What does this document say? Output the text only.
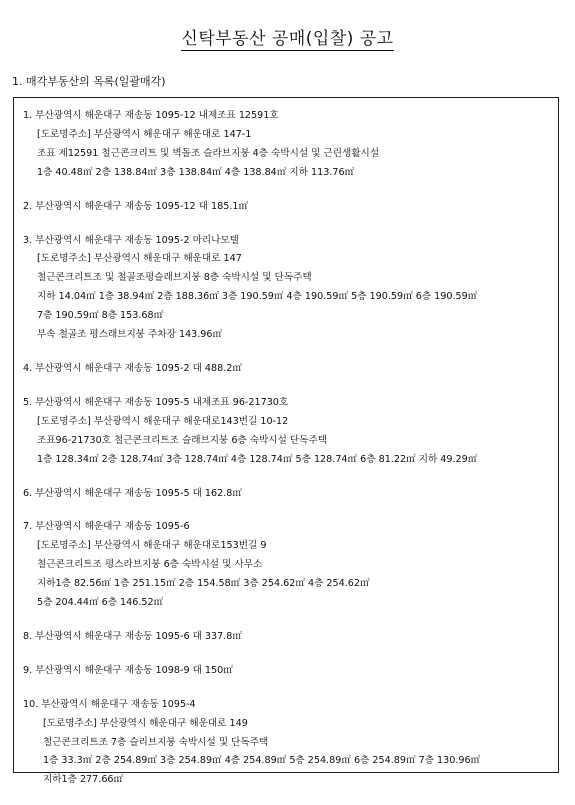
신탁부동산 공매(입찰) 공고
1. 매각부동산의 목록(일괄매각)
1. 부산광역시 해운대구 재송동 1095-12 내제조표 12591호
[도로명주소] 부산광역시 해운대구 해운대로 147-1
조표 제12591 철근콘크리트 및 벽돌조 슬라브지붕 4층 숙박시설 및 근린생활시설
1층 40.48㎡ 2층 138.84㎡ 3층 138.84㎡ 4층 138.84㎡ 지하 113.76㎡
2. 부산광역시 해운대구 재송동 1095-12 대 185.1㎡
3. 부산광역시 해운대구 재송동 1095-2 마리나모텔
[도로명주소] 부산광역시 해운대구 해운대로 147
철근콘크리트조 및 철골조평슬래브지붕 8층 숙박시설 및 단독주택
지하 14.04㎡ 1층 38.94㎡ 2층 188.36㎡ 3층 190.59㎡ 4층 190.59㎡ 5층 190.59㎡ 6층 190.59㎡
7층 190.59㎡ 8층 153.68㎡
부속 철골조 평스래브지붕 주차장 143.96㎡
4. 부산광역시 해운대구 재송동 1095-2 대 488.2㎡
5. 부산광역시 해운대구 재송동 1095-5 내제조표 96-21730호
[도로명주소] 부산광역시 해운대구 해운대로143번길 10-12
조표96-21730호 철근콘크리트조 슬래브지붕 6층 숙박시설 단독주택
1층 128.34㎡ 2층 128.74㎡ 3층 128.74㎡ 4층 128.74㎡ 5층 128.74㎡ 6층 81.22㎡ 지하 49.29㎡
6. 부산광역시 해운대구 재송동 1095-5 대 162.8㎡
7. 부산광역시 해운대구 재송동 1095-6
[도로명주소] 부산광역시 해운대구 해운대로153번길 9
철근콘크리트조 평스라브지붕 6층 숙박시설 및 사무소
지하1층 82.56㎡ 1층 251.15㎡ 2층 154.58㎡ 3층 254.62㎡ 4층 254.62㎡
5층 204.44㎡ 6층 146.52㎡
8. 부산광역시 해운대구 재송동 1095-6 대 337.8㎡
9. 부산광역시 해운대구 재송동 1098-9 대 150㎡
10. 부산광역시 해운대구 재송동 1095-4
[도로명주소] 부산광역시 해운대구 해운대로 149
철근콘크리트조 7층 슬리브지붕 숙박시설 및 단독주택
1층 33.3㎡ 2층 254.89㎡ 3층 254.89㎡ 4층 254.89㎡ 5층 254.89㎡ 6층 254.89㎡ 7층 130.96㎡
지하1층 277.66㎡
